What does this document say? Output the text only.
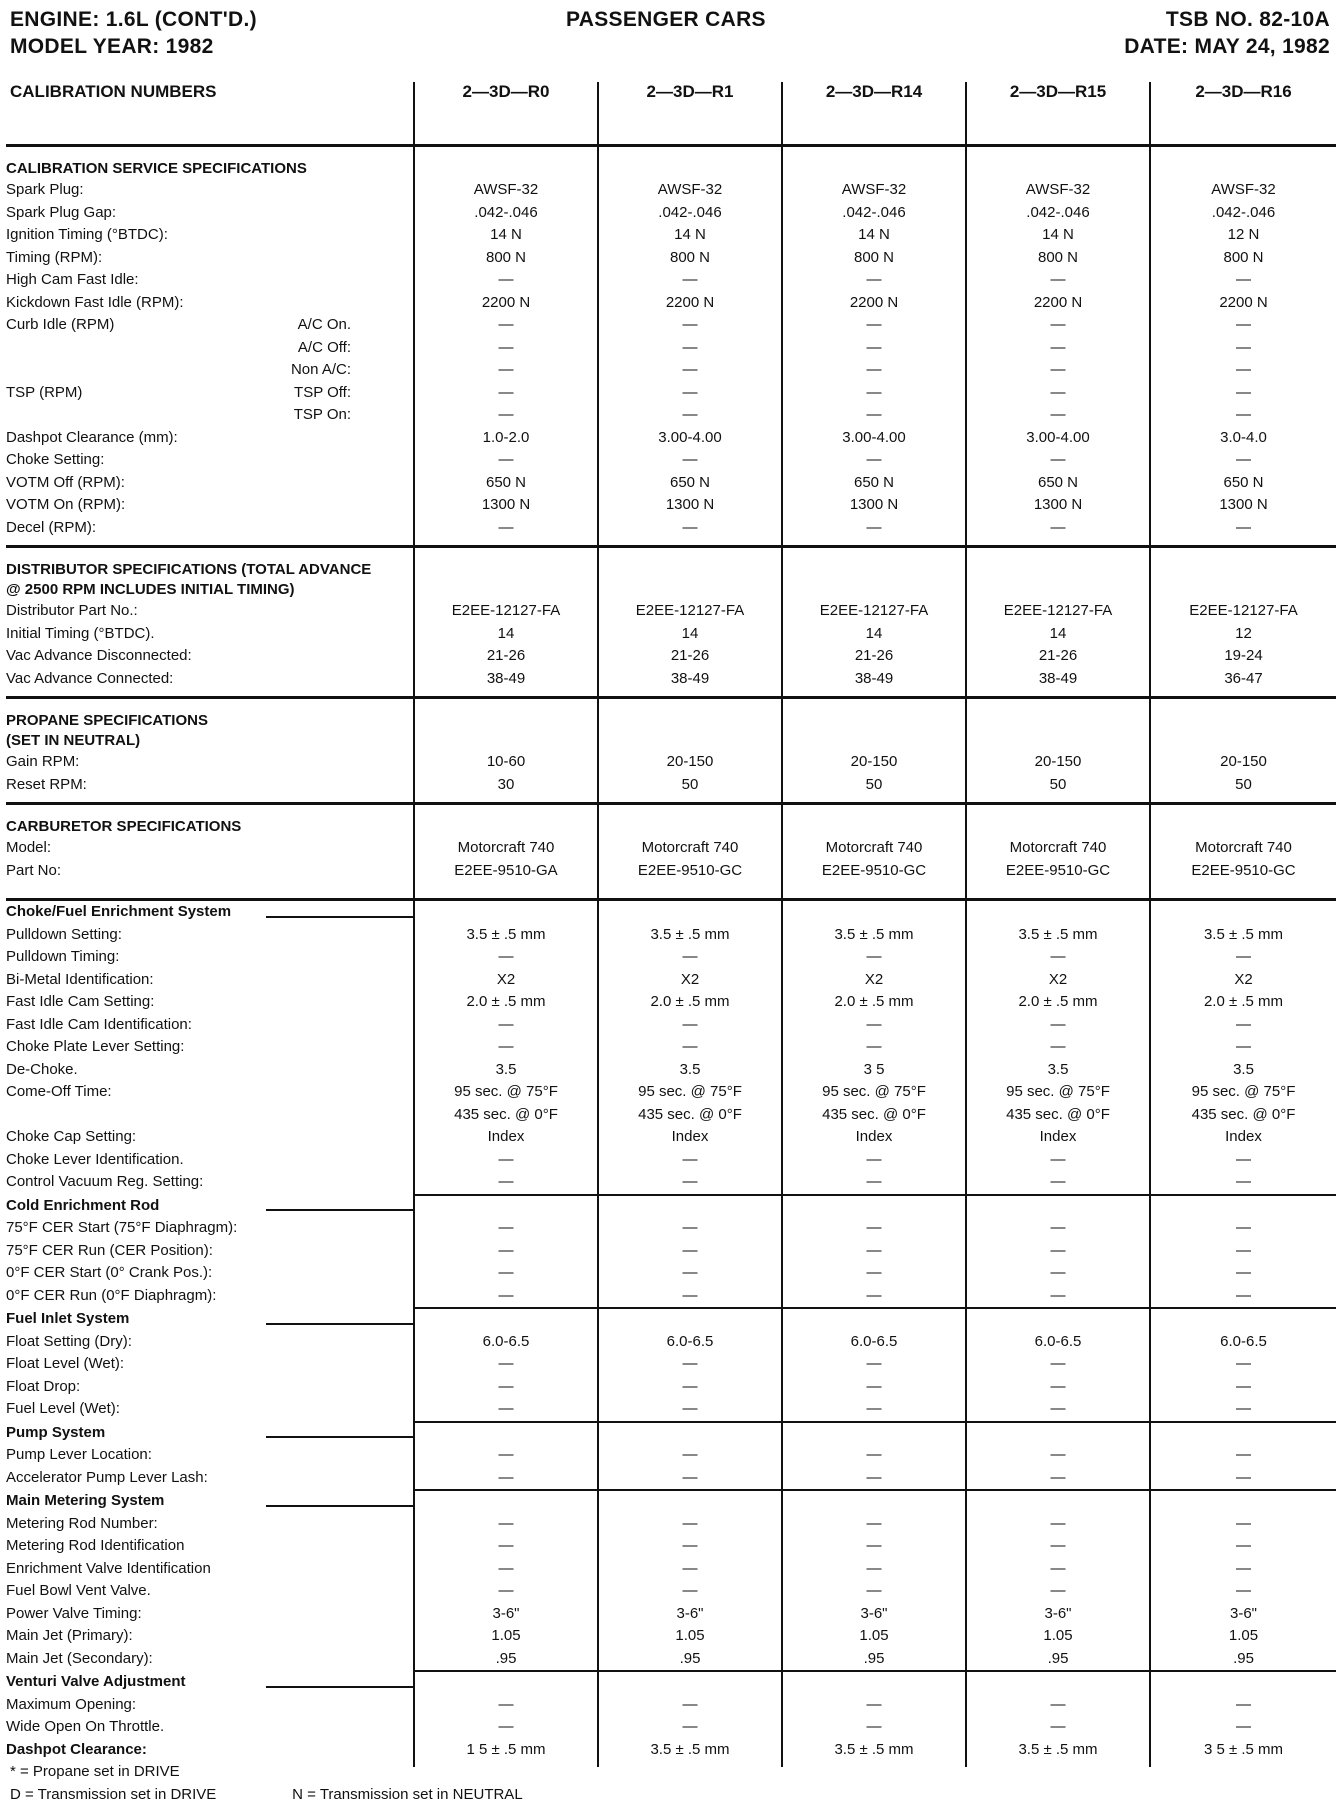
ENGINE: 1.6L (CONT'D.)
MODEL YEAR: 1982
PASSENGER CARS	TSB NO. 82-10A
DATE: MAY 24, 1982
CALIBRATION NUMBERS	2—3D—R0	2—3D—R1	2—3D—R14	2—3D—R15	2—3D—R16

CALIBRATION SERVICE SPECIFICATIONS					

Spark Plug:	AWSF-32	AWSF-32	AWSF-32	AWSF-32	AWSF-32
Spark Plug Gap:	.042-.046	.042-.046	.042-.046	.042-.046	.042-.046
Ignition Timing (°BTDC):	14 N	14 N	14 N	14 N	12 N
Timing (RPM):	800 N	800 N	800 N	800 N	800 N
High Cam Fast Idle:	—	—	—	—	—
Kickdown Fast Idle (RPM):	2200 N	2200 N	2200 N	2200 N	2200 N
Curb Idle (RPM) A/C On.	—	—	—	—	—

A/C Off:	—	—	—	—	—

Non A/C:	—	—	—	—	—
TSP (RPM) TSP Off:	—	—	—	—	—

TSP On:	—	—	—	—	—
Dashpot Clearance (mm):	1.0-2.0	3.00-4.00	3.00-4.00	3.00-4.00	3.0-4.0
Choke Setting:	—	—	—	—	—
VOTM Off (RPM):	650 N	650 N	650 N	650 N	650 N
VOTM On (RPM):	1300 N	1300 N	1300 N	1300 N	1300 N
Decel (RPM):	—	—	—	—	—

DISTRIBUTOR SPECIFICATIONS (TOTAL ADVANCE
@ 2500 RPM INCLUDES INITIAL TIMING)					

Distributor Part No.:	E2EE-12127-FA	E2EE-12127-FA	E2EE-12127-FA	E2EE-12127-FA	E2EE-12127-FA
Initial Timing (°BTDC).	14	14	14	14	12
Vac Advance Disconnected:	21-26	21-26	21-26	21-26	19-24
Vac Advance Connected:	38-49	38-49	38-49	38-49	36-47

PROPANE SPECIFICATIONS
(SET IN NEUTRAL)					

Gain RPM:	10-60	20-150	20-150	20-150	20-150
Reset RPM:	30	50	50	50	50

CARBURETOR SPECIFICATIONS					

Model:	Motorcraft 740	Motorcraft 740	Motorcraft 740	Motorcraft 740	Motorcraft 740
Part No:	E2EE-9510-GA	E2EE-9510-GC	E2EE-9510-GC	E2EE-9510-GC	E2EE-9510-GC
Choke/Fuel Enrichment System

Pulldown Setting:	3.5 ± .5 mm	3.5 ± .5 mm	3.5 ± .5 mm	3.5 ± .5 mm	3.5 ± .5 mm
Pulldown Timing:	—	—	—	—	—
Bi-Metal Identification:	X2	X2	X2	X2	X2
Fast Idle Cam Setting:	2.0 ± .5 mm	2.0 ± .5 mm	2.0 ± .5 mm	2.0 ± .5 mm	2.0 ± .5 mm
Fast Idle Cam Identification:	—	—	—	—	—
Choke Plate Lever Setting:	—	—	—	—	—
De-Choke.	3.5	3.5	3 5	3.5	3.5
Come-Off Time:	95 sec. @ 75°F	95 sec. @ 75°F	95 sec. @ 75°F	95 sec. @ 75°F	95 sec. @ 75°F
	435 sec. @ 0°F	435 sec. @ 0°F	435 sec. @ 0°F	435 sec. @ 0°F	435 sec. @ 0°F
Choke Cap Setting:	Index	Index	Index	Index	Index
Choke Lever Identification.	—	—	—	—	—
Control Vacuum Reg. Setting:	—	—	—	—	—
Cold Enrichment Rod

75°F CER Start (75°F Diaphragm):	—	—	—	—	—
75°F CER Run (CER Position):	—	—	—	—	—
0°F CER Start (0° Crank Pos.):	—	—	—	—	—
0°F CER Run (0°F Diaphragm):	—	—	—	—	—
Fuel Inlet System

Float Setting (Dry):	6.0-6.5	6.0-6.5	6.0-6.5	6.0-6.5	6.0-6.5
Float Level (Wet):	—	—	—	—	—
Float Drop:	—	—	—	—	—
Fuel Level (Wet):	—	—	—	—	—
Pump System

Pump Lever Location:	—	—	—	—	—
Accelerator Pump Lever Lash:	—	—	—	—	—
Main Metering System

Metering Rod Number:	—	—	—	—	—
Metering Rod Identification	—	—	—	—	—
Enrichment Valve Identification	—	—	—	—	—
Fuel Bowl Vent Valve.	—	—	—	—	—
Power Valve Timing:	3-6"	3-6"	3-6"	3-6"	3-6"
Main Jet (Primary):	1.05	1.05	1.05	1.05	1.05
Main Jet (Secondary):	.95	.95	.95	.95	.95
Venturi Valve Adjustment

Maximum Opening:	—	—	—	—	—
Wide Open On Throttle.	—	—	—	—	—
Dashpot Clearance:	1 5 ± .5 mm	3.5 ± .5 mm	3.5 ± .5 mm	3.5 ± .5 mm	3 5 ± .5 mm
* = Propane set in DRIVE
D = Transmission set in DRIVE	N = Transmission set in NEUTRAL
